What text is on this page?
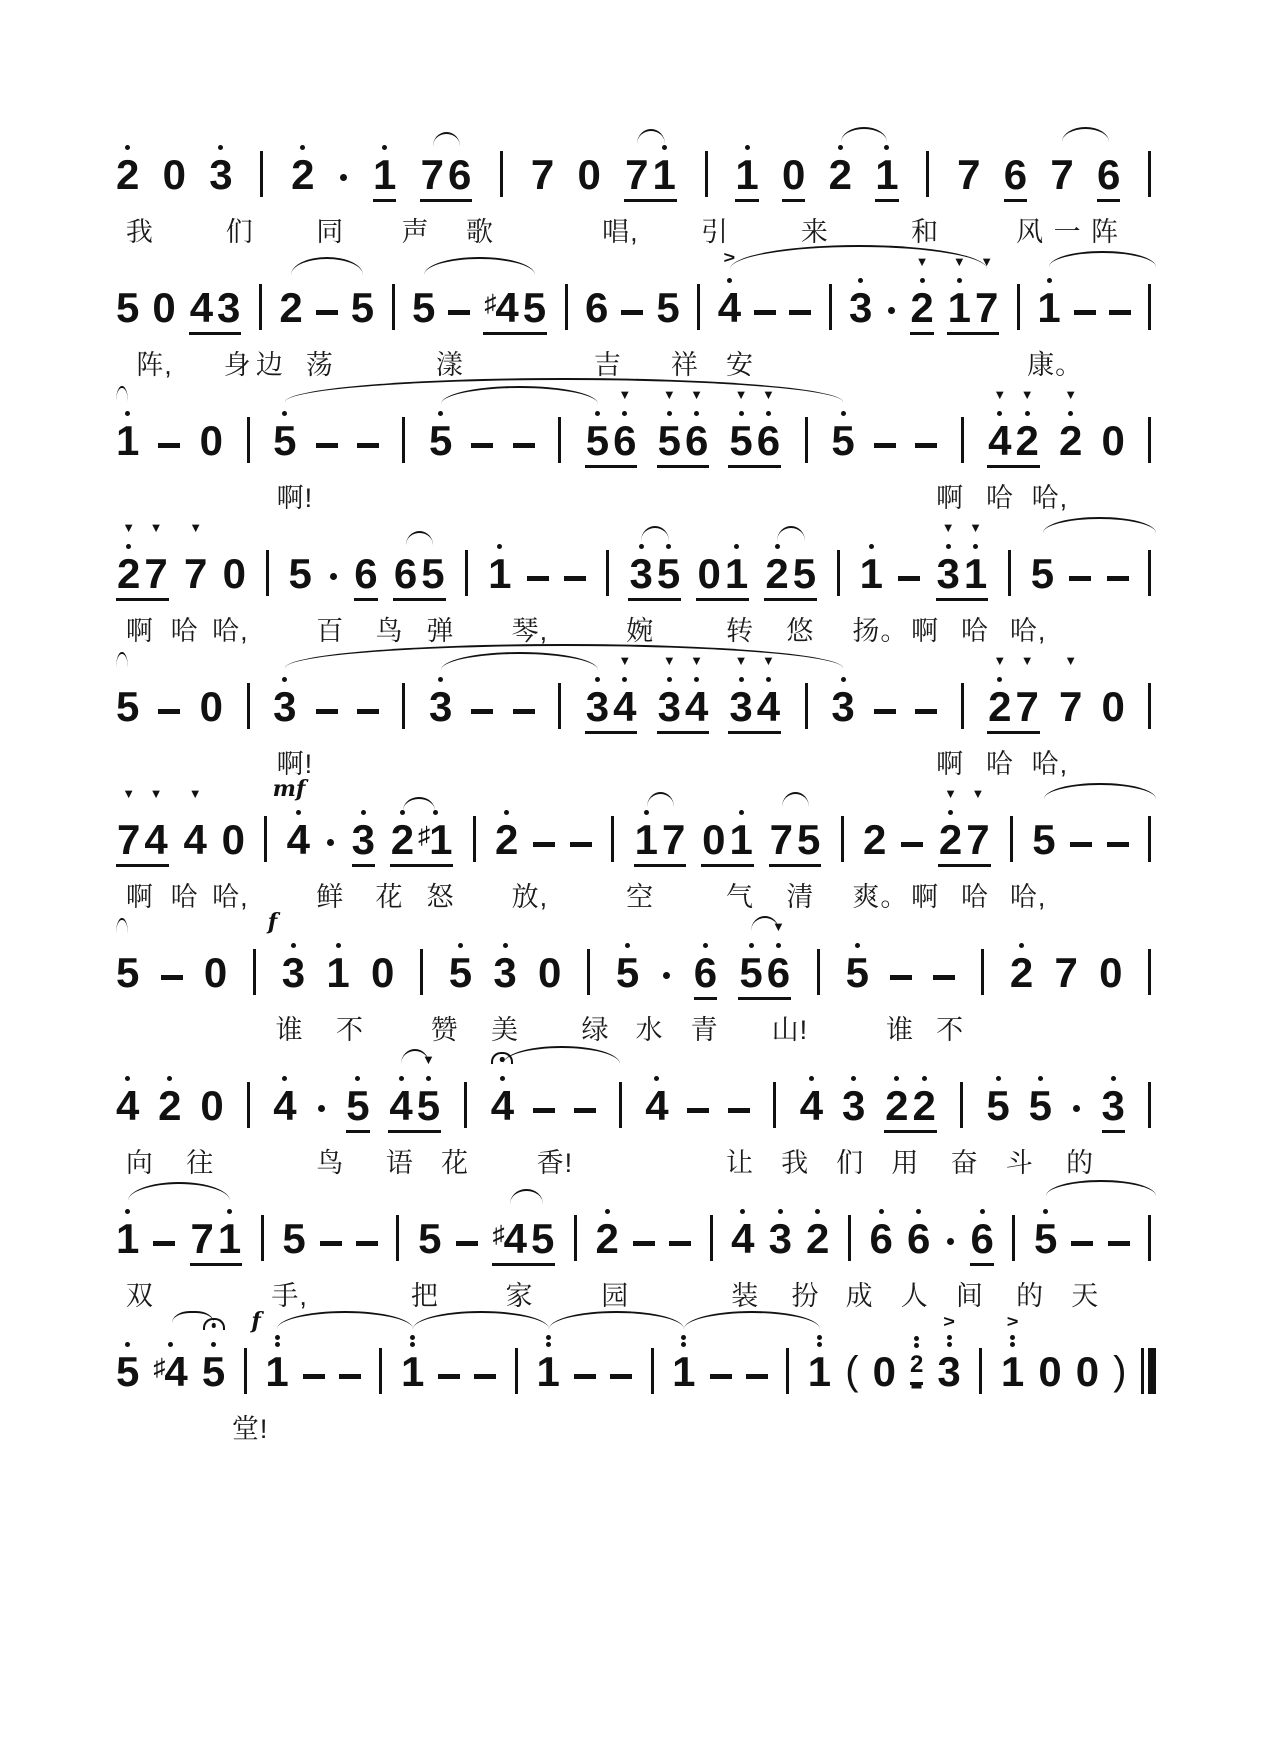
2 0 3 2 1 7 6 7 0 7 1 1 0 2 1 7 6 7 6
我	们 同 声 歌	唱, 引	来	和	风 一 阵
5 0 4 3 2 5 5 ♯ 4 5 6 5
>
4	3
▼
2
▼
1
▼
7 1
阵, 身 边 荡	漾	吉 祥 安	康。
1 0 5	5	5
▼
6
▼
5
▼
6
▼
5
▼
6 5
▼
4
▼
2
▼
2 0
啊!	啊 哈 哈,
▼
2
▼
7
▼
7 0 5 6 6 5 1	3 5 0 1 2 5 1
▼
3
▼
1 5
啊 哈 哈,	百 鸟 弹 琴,	婉	转 悠 扬。 啊 哈 哈,
5 0 3	3	3
▼
4
▼
3
▼
4
▼
3
▼
4 3
▼
2
▼
7
▼
7 0
啊!	啊 哈 哈,
▼
7
▼
4
▼
4 0 4
mf
3 2 ♯ 1 2	1 7 0 1 7 5 2
▼
2
▼
7 5
啊 哈 哈,	鲜 花 怒 放,	空	气 清 爽。 啊 哈 哈,
5 0 3
f
1 0 5 3 0 5 6 5
▼
6 5	2 7 0
谁 不 赞 美 绿 水 青 山!	谁 不
4 2 0 4 5 4
▼
5 4	4	4 3 2 2 5 5 3
向 往	鸟 语 花	香!	让 我 们 用 奋 斗 的
1 7 1 5	5 ♯ 4 5 2	4 3 2 6 6 6 5
双	手,	把 家	园	装 扮 成 人 间 的 天
5 ♯ 4 5 1
f
1	1	1	1 ( 0 2
>
3
>
1 0 0 )
堂!
